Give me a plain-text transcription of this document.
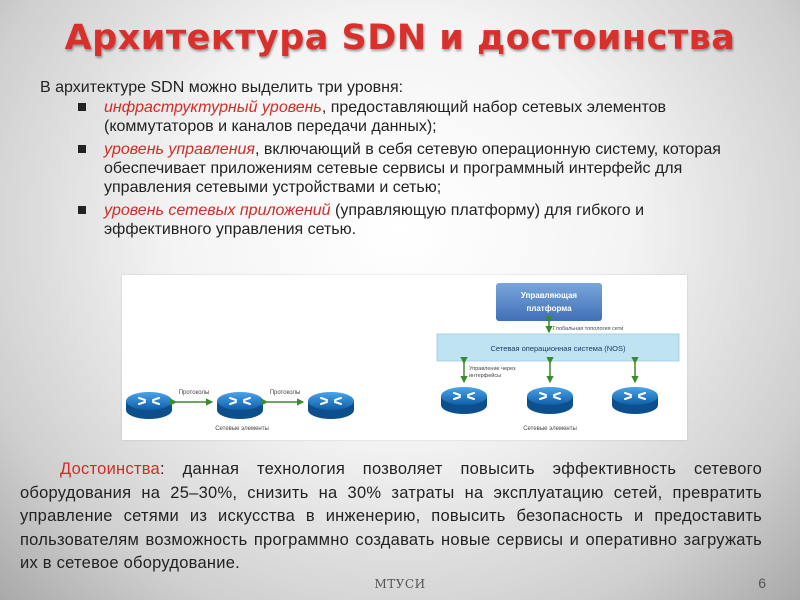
Архитектура SDN и достоинства
В архитектуре SDN можно выделить три уровня:
инфраструктурный уровень, предоставляющий набор сетевых элементов (коммутаторов и каналов передачи данных);
уровень управления, включающий в себя сетевую операционную систему, которая обеспечивает приложениям сетевые сервисы и программный интерфейс для управления сетевыми устройствами и сетью;
уровень сетевых приложений (управляющую платформу) для гибкого и эффективного управления сетью.
Протоколы	Протоколы
Сетевые элементы
Управляющая
платформа
Глобальная топология сети
Сетевая операционная система (NOS)
Управление через
интерфейсы
Сетевые элементы
Достоинства: данная технология позволяет повысить эффективность сетевого оборудования на 25–30%, снизить на 30% затраты на эксплуатацию сетей, превратить управление сетями из искусства в инженерию, повысить безопасность и предоставить пользователям возможность программно создавать новые сервисы и оперативно загружать их в сетевое оборудование.
МТУСИ	6
